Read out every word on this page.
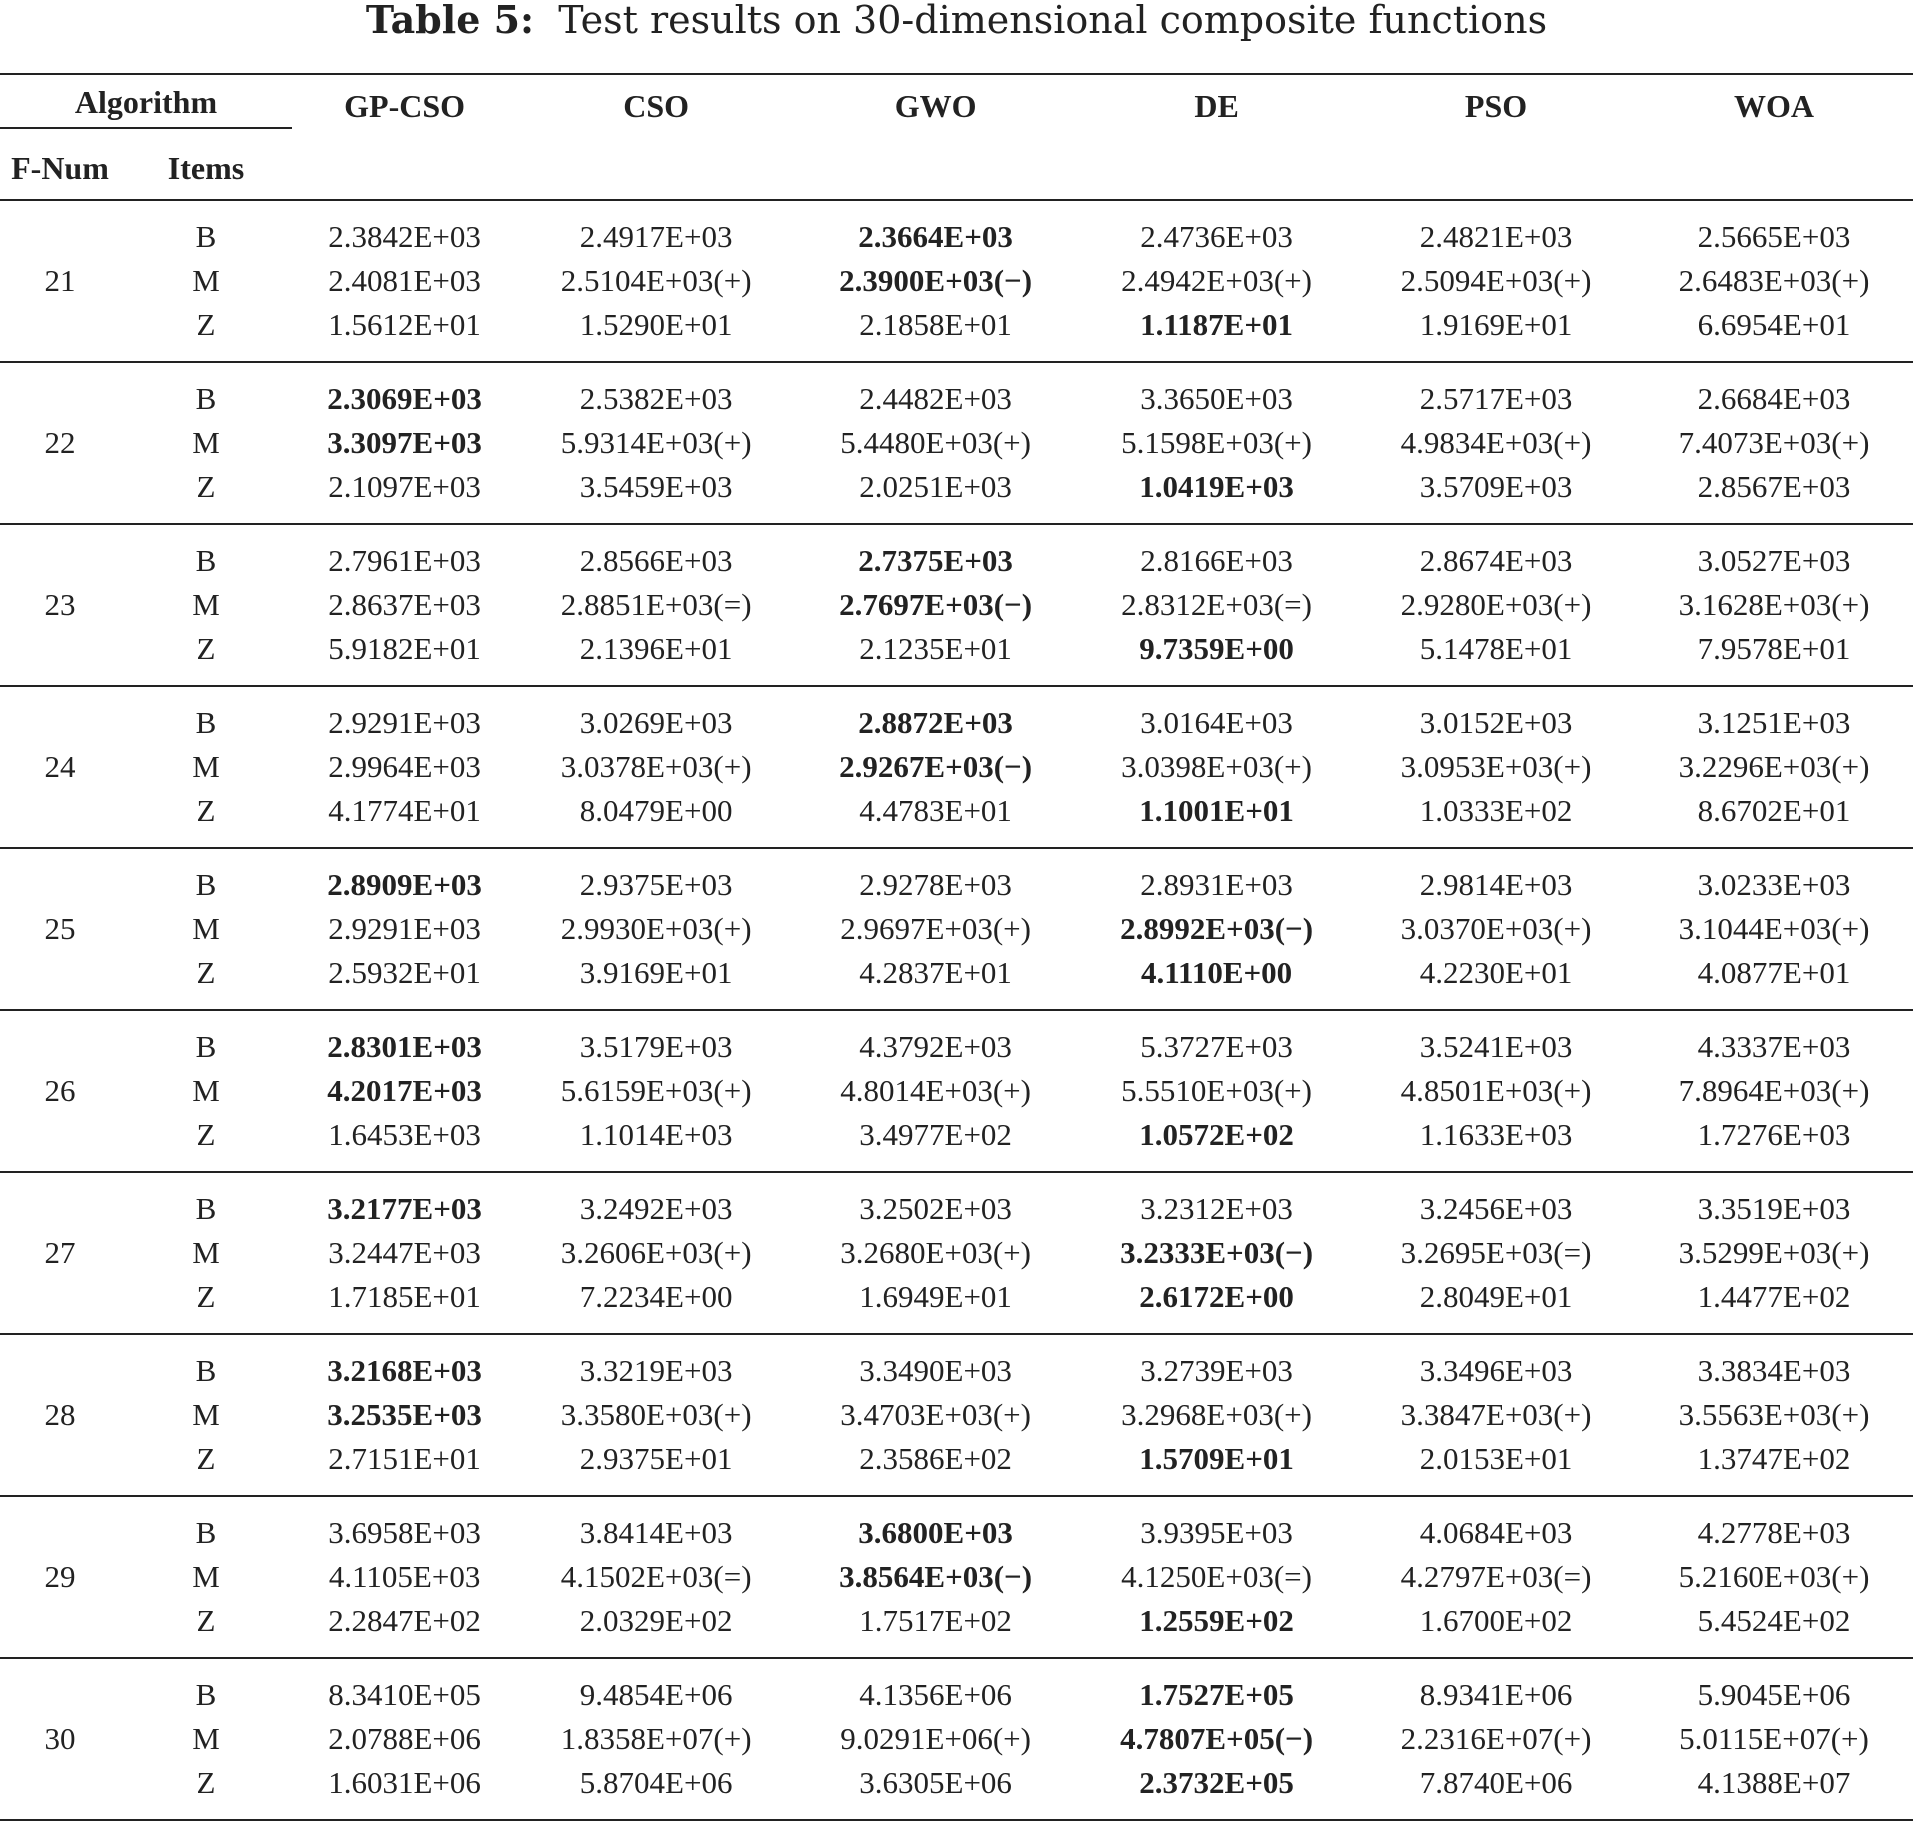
Table 5: Test results on 30-dimensional composite functions
Algorithm		GP-CSO	CSO	GWO	DE	PSO	WOA
F-Num	Items						
	B	2.3842E+03	2.4917E+03	2.3664E+03	2.4736E+03	2.4821E+03	2.5665E+03
21	M	2.4081E+03	2.5104E+03(+)	2.3900E+03(−)	2.4942E+03(+)	2.5094E+03(+)	2.6483E+03(+)
	Z	1.5612E+01	1.5290E+01	2.1858E+01	1.1187E+01	1.9169E+01	6.6954E+01
	B	2.3069E+03	2.5382E+03	2.4482E+03	3.3650E+03	2.5717E+03	2.6684E+03
22	M	3.3097E+03	5.9314E+03(+)	5.4480E+03(+)	5.1598E+03(+)	4.9834E+03(+)	7.4073E+03(+)
	Z	2.1097E+03	3.5459E+03	2.0251E+03	1.0419E+03	3.5709E+03	2.8567E+03
	B	2.7961E+03	2.8566E+03	2.7375E+03	2.8166E+03	2.8674E+03	3.0527E+03
23	M	2.8637E+03	2.8851E+03(=)	2.7697E+03(−)	2.8312E+03(=)	2.9280E+03(+)	3.1628E+03(+)
	Z	5.9182E+01	2.1396E+01	2.1235E+01	9.7359E+00	5.1478E+01	7.9578E+01
	B	2.9291E+03	3.0269E+03	2.8872E+03	3.0164E+03	3.0152E+03	3.1251E+03
24	M	2.9964E+03	3.0378E+03(+)	2.9267E+03(−)	3.0398E+03(+)	3.0953E+03(+)	3.2296E+03(+)
	Z	4.1774E+01	8.0479E+00	4.4783E+01	1.1001E+01	1.0333E+02	8.6702E+01
	B	2.8909E+03	2.9375E+03	2.9278E+03	2.8931E+03	2.9814E+03	3.0233E+03
25	M	2.9291E+03	2.9930E+03(+)	2.9697E+03(+)	2.8992E+03(−)	3.0370E+03(+)	3.1044E+03(+)
	Z	2.5932E+01	3.9169E+01	4.2837E+01	4.1110E+00	4.2230E+01	4.0877E+01
	B	2.8301E+03	3.5179E+03	4.3792E+03	5.3727E+03	3.5241E+03	4.3337E+03
26	M	4.2017E+03	5.6159E+03(+)	4.8014E+03(+)	5.5510E+03(+)	4.8501E+03(+)	7.8964E+03(+)
	Z	1.6453E+03	1.1014E+03	3.4977E+02	1.0572E+02	1.1633E+03	1.7276E+03
	B	3.2177E+03	3.2492E+03	3.2502E+03	3.2312E+03	3.2456E+03	3.3519E+03
27	M	3.2447E+03	3.2606E+03(+)	3.2680E+03(+)	3.2333E+03(−)	3.2695E+03(=)	3.5299E+03(+)
	Z	1.7185E+01	7.2234E+00	1.6949E+01	2.6172E+00	2.8049E+01	1.4477E+02
	B	3.2168E+03	3.3219E+03	3.3490E+03	3.2739E+03	3.3496E+03	3.3834E+03
28	M	3.2535E+03	3.3580E+03(+)	3.4703E+03(+)	3.2968E+03(+)	3.3847E+03(+)	3.5563E+03(+)
	Z	2.7151E+01	2.9375E+01	2.3586E+02	1.5709E+01	2.0153E+01	1.3747E+02
	B	3.6958E+03	3.8414E+03	3.6800E+03	3.9395E+03	4.0684E+03	4.2778E+03
29	M	4.1105E+03	4.1502E+03(=)	3.8564E+03(−)	4.1250E+03(=)	4.2797E+03(=)	5.2160E+03(+)
	Z	2.2847E+02	2.0329E+02	1.7517E+02	1.2559E+02	1.6700E+02	5.4524E+02
	B	8.3410E+05	9.4854E+06	4.1356E+06	1.7527E+05	8.9341E+06	5.9045E+06
30	M	2.0788E+06	1.8358E+07(+)	9.0291E+06(+)	4.7807E+05(−)	2.2316E+07(+)	5.0115E+07(+)
	Z	1.6031E+06	5.8704E+06	3.6305E+06	2.3732E+05	7.8740E+06	4.1388E+07
